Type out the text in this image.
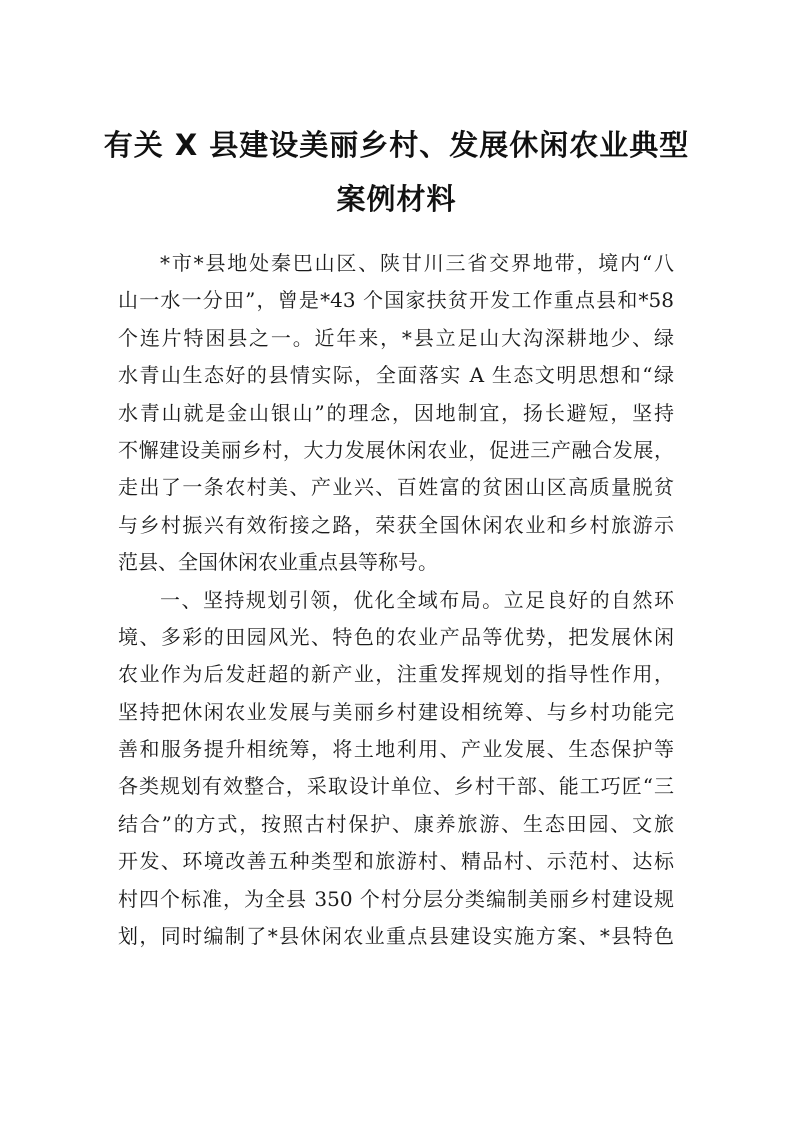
有关 X 县建设美丽乡村、发展休闲农业典型
案例材料
*市*县地处秦巴山区、陕甘川三省交界地带，境内“八
山一水一分田”，曾是*43 个国家扶贫开发工作重点县和*58
个连片特困县之一。近年来，*县立足山大沟深耕地少、绿
水青山生态好的县情实际，全面落实 A 生态文明思想和“绿
水青山就是金山银山”的理念，因地制宜，扬长避短，坚持
不懈建设美丽乡村，大力发展休闲农业，促进三产融合发展，
走出了一条农村美、产业兴、百姓富的贫困山区高质量脱贫
与乡村振兴有效衔接之路，荣获全国休闲农业和乡村旅游示
范县、全国休闲农业重点县等称号。
一、坚持规划引领，优化全域布局。立足良好的自然环
境、多彩的田园风光、特色的农业产品等优势，把发展休闲
农业作为后发赶超的新产业，注重发挥规划的指导性作用，
坚持把休闲农业发展与美丽乡村建设相统筹、与乡村功能完
善和服务提升相统筹，将土地利用、产业发展、生态保护等
各类规划有效整合，采取设计单位、乡村干部、能工巧匠“三
结合”的方式，按照古村保护、康养旅游、生态田园、文旅
开发、环境改善五种类型和旅游村、精品村、示范村、达标
村四个标准，为全县 350 个村分层分类编制美丽乡村建设规
划，同时编制了*县休闲农业重点县建设实施方案、*县特色
